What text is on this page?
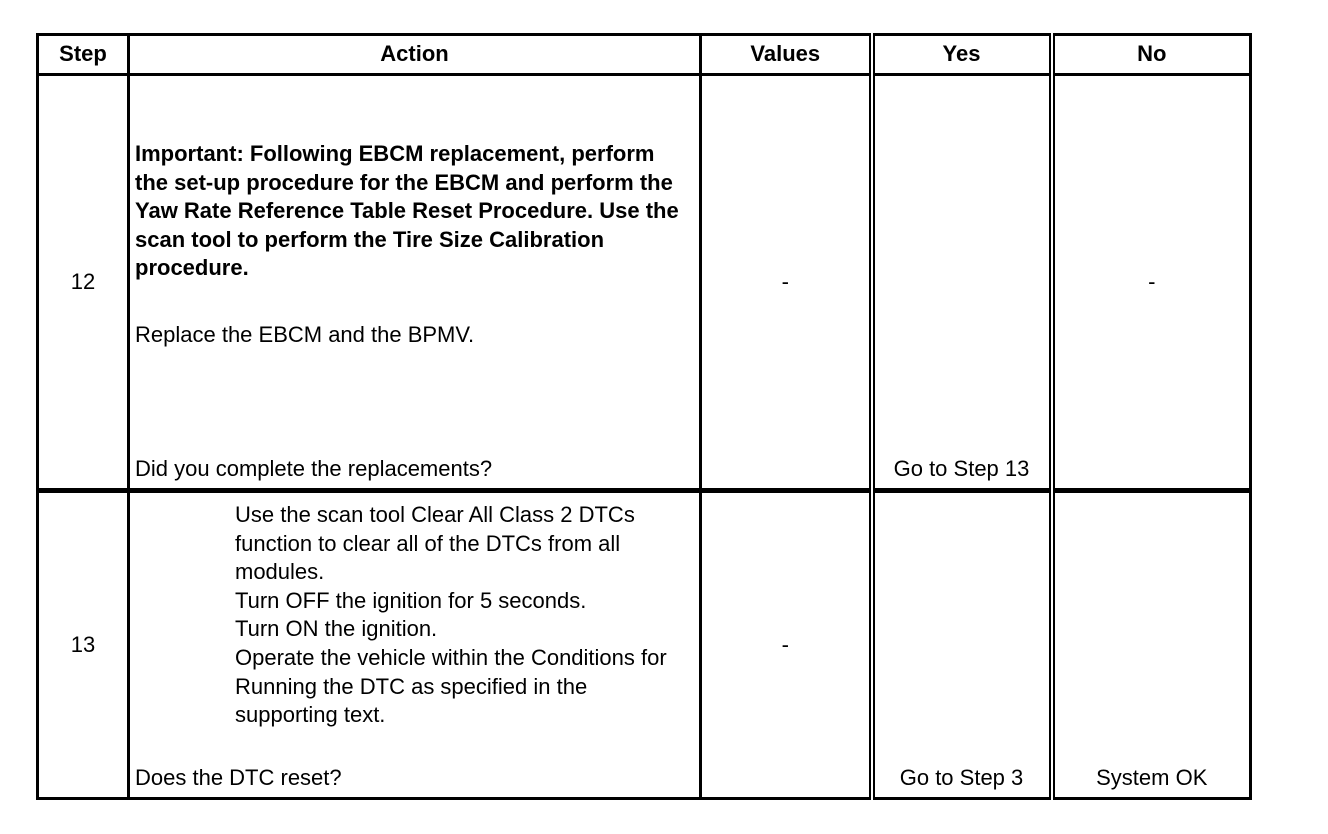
Step	Action	Values	Yes	No
12	Important: Following EBCM replacement, perform the set-up procedure for the EBCM and perform the Yaw Rate Reference Table Reset Procedure. Use the scan tool to perform the Tire Size Calibration procedure.
Replace the EBCM and the BPMV.
Did you complete the replacements?	-	Go to Step 13	-
13	Use the scan tool Clear All Class 2 DTCs function to clear all of the DTCs from all modules.
Turn OFF the ignition for 5 seconds.
Turn ON the ignition.
Operate the vehicle within the Conditions for Running the DTC as specified in the supporting text.
Does the DTC reset?	-	Go to Step 3	System OK
